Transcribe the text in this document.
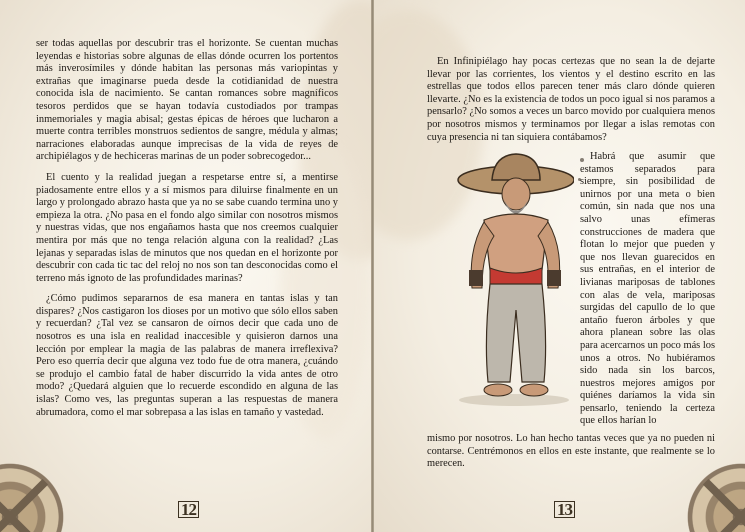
ser todas aquellas por descubrir tras el horizonte. Se cuentan muchas leyendas e historias sobre algunas de ellas dónde ocurren los portentos más inverosímiles y dónde habitan las personas más variopintas y extrañas que imaginarse pueda desde la cotidianidad de nuestra conocida isla de nacimiento. Se cantan romances sobre magníficos tesoros perdidos que se hayan todavía custodiados por trampas inmemoriales y magia abisal; gestas épicas de héroes que lucharon a muerte contra terribles monstruos sedientos de sangre, médula y almas; narraciones elaboradas aunque imprecisas de la vida de reyes de archipiélagos y de hechiceras marinas de un poder sobrecogedor...

El cuento y la realidad juegan a respetarse entre sí, a mentirse piadosamente entre ellos y a sí mismos para diluirse finalmente en un largo y prolongado abrazo hasta que ya no se sabe cuando termina uno y empieza la otra. ¿No pasa en el fondo algo similar con nosotros mismos y nuestras vidas, que nos engañamos hasta que nos creemos cualquier mentira por más que no tenga relación alguna con la realidad? ¿Las lejanas y separadas islas de minutos que nos quedan en el horizonte por descubrir con cada tic tac del reloj no nos son tan desconocidas como el terreno más ignoto de las profundidades marinas?

¿Cómo pudimos separarnos de esa manera en tantas islas y tan dispares? ¿Nos castigaron los dioses por un motivo que sólo ellos saben y recuerdan? ¿Tal vez se cansaron de oírnos decir que cada uno de nosotros es una isla en realidad inaccesible y quisieron darnos una lección por emplear la magia de las palabras de manera irreflexiva? Pero eso querría decir que alguna vez todo fue de otra manera, ¿cuándo se produjo el cambio fatal de haber discurrido la vida antes de otro modo? ¿Quedará alguien que lo recuerde escondido en alguna de las islas? Como ves, las preguntas superan a las respuestas de manera abrumadora, como el mar sobrepasa a las islas en tamaño y vastedad.

12

En Infinipiélago hay pocas certezas que no sean la de dejarte llevar por las corrientes, los vientos y el destino escrito en las estrellas que todos ellos parecen tener más claro dónde quieren llevarte. ¿No es la existencia de todos un poco igual si nos paramos a pensarlo? ¿No somos a veces un barco movido por cualquiera menos por nosotros mismos y terminamos por llegar a islas remotas con cuya presencia ni tan siquiera contábamos?

Habrá que asumir que estamos separados para siempre, sin posibilidad de unirnos por una meta o bien común, sin nada que nos una salvo unas efímeras construcciones de madera que flotan lo mejor que pueden y que nos llevan guarecidos en sus entrañas, en el interior de livianas mariposas de tablones con alas de vela, mariposas surgidas del capullo de lo que antaño fueron árboles y que ahora planean sobre las olas para acercarnos un poco más los unos a otros. No hubiéramos sido nada sin los barcos, nuestros mejores amigos por quiénes daríamos la vida sin pensarlo, teniendo la certeza que ellos harían lo

mismo por nosotros. Lo han hecho tantas veces que ya no pueden ni contarse. Centrémonos en ellos en este instante, que realmente se lo merecen.

13
